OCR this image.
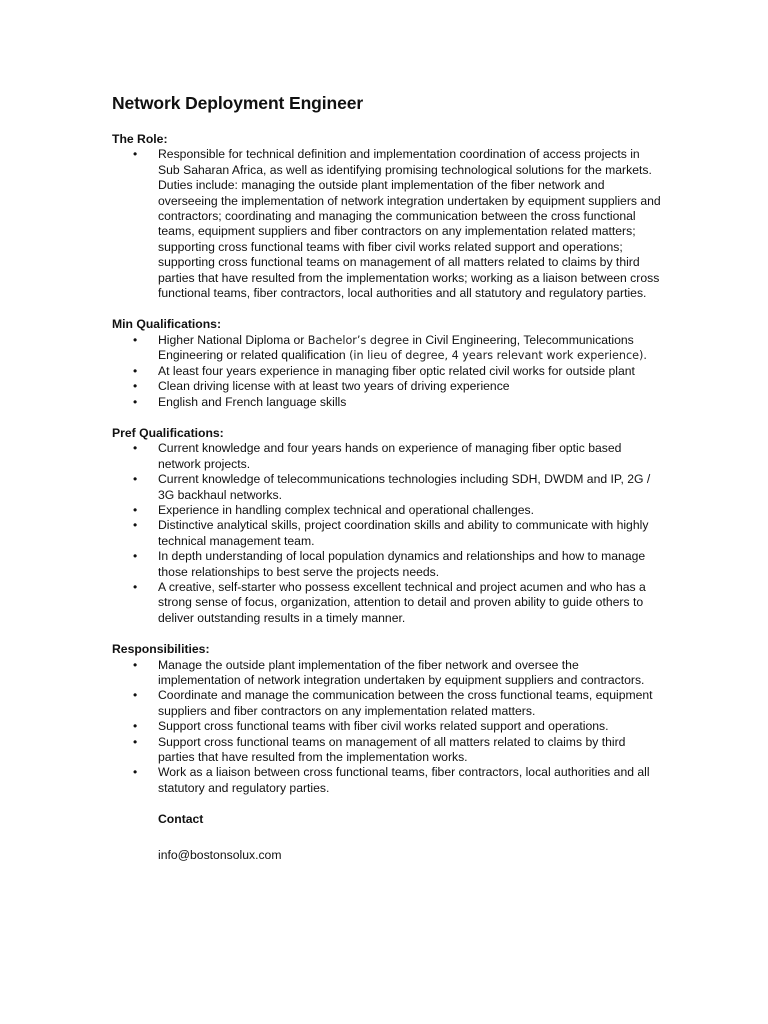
Network Deployment Engineer
The Role:
• Responsible for technical definition and implementation coordination of access projects in Sub Saharan Africa, as well as identifying promising technological solutions for the markets. Duties include: managing the outside plant implementation of the fiber network and overseeing the implementation of network integration undertaken by equipment suppliers and contractors; coordinating and managing the communication between the cross functional teams, equipment suppliers and fiber contractors on any implementation related matters; supporting cross functional teams with fiber civil works related support and operations; supporting cross functional teams on management of all matters related to claims by third parties that have resulted from the implementation works; working as a liaison between cross functional teams, fiber contractors, local authorities and all statutory and regulatory parties.
Min Qualifications:
• Higher National Diploma or Bachelor’s degree in Civil Engineering, Telecommunications Engineering or related qualification (in lieu of degree, 4 years relevant work experience).
• At least four years experience in managing fiber optic related civil works for outside plant
• Clean driving license with at least two years of driving experience
• English and French language skills
Pref Qualifications:
• Current knowledge and four years hands on experience of managing fiber optic based network projects.
• Current knowledge of telecommunications technologies including SDH, DWDM and IP, 2G / 3G backhaul networks.
• Experience in handling complex technical and operational challenges.
• Distinctive analytical skills, project coordination skills and ability to communicate with highly technical management team.
• In depth understanding of local population dynamics and relationships and how to manage those relationships to best serve the projects needs.
• A creative, self-starter who possess excellent technical and project acumen and who has a strong sense of focus, organization, attention to detail and proven ability to guide others to deliver outstanding results in a timely manner.
Responsibilities:
• Manage the outside plant implementation of the fiber network and oversee the implementation of network integration undertaken by equipment suppliers and contractors.
• Coordinate and manage the communication between the cross functional teams, equipment suppliers and fiber contractors on any implementation related matters.
• Support cross functional teams with fiber civil works related support and operations.
• Support cross functional teams on management of all matters related to claims by third parties that have resulted from the implementation works.
• Work as a liaison between cross functional teams, fiber contractors, local authorities and all statutory and regulatory parties.
Contact
info@bostonsolux.com
